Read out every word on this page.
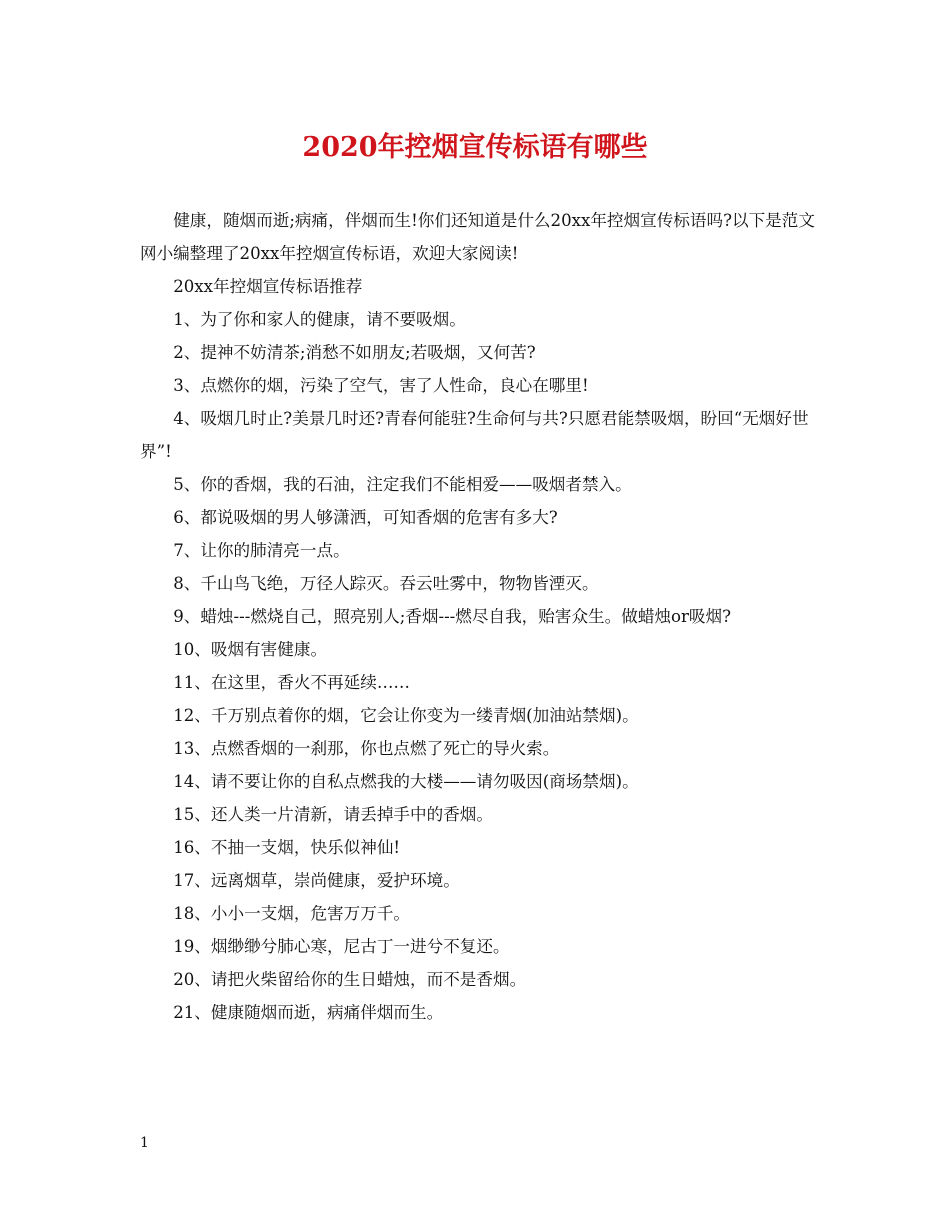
2020年控烟宣传标语有哪些

健康，随烟而逝;病痛，伴烟而生!你们还知道是什么20xx年控烟宣传标语吗?以下是范文网小编整理了20xx年控烟宣传标语，欢迎大家阅读!

20xx年控烟宣传标语推荐

1、为了你和家人的健康，请不要吸烟。

2、提神不妨清茶;消愁不如朋友;若吸烟，又何苦?

3、点燃你的烟，污染了空气，害了人性命，良心在哪里!

4、吸烟几时止?美景几时还?青春何能驻?生命何与共?只愿君能禁吸烟，盼回“无烟好世界”!

5、你的香烟，我的石油，注定我们不能相爱——吸烟者禁入。

6、都说吸烟的男人够潇洒，可知香烟的危害有多大?

7、让你的肺清亮一点。

8、千山鸟飞绝，万径人踪灭。吞云吐雾中，物物皆湮灭。

9、蜡烛---燃烧自己，照亮别人;香烟---燃尽自我，贻害众生。做蜡烛or吸烟?

10、吸烟有害健康。

11、在这里，香火不再延续……

12、千万别点着你的烟，它会让你变为一缕青烟(加油站禁烟)。

13、点燃香烟的一刹那，你也点燃了死亡的导火索。

14、请不要让你的自私点燃我的大楼——请勿吸因(商场禁烟)。

15、还人类一片清新，请丢掉手中的香烟。

16、不抽一支烟，快乐似神仙!

17、远离烟草，崇尚健康，爱护环境。

18、小小一支烟，危害万万千。

19、烟缈缈兮肺心寒，尼古丁一进兮不复还。

20、请把火柴留给你的生日蜡烛，而不是香烟。

21、健康随烟而逝，病痛伴烟而生。

1
